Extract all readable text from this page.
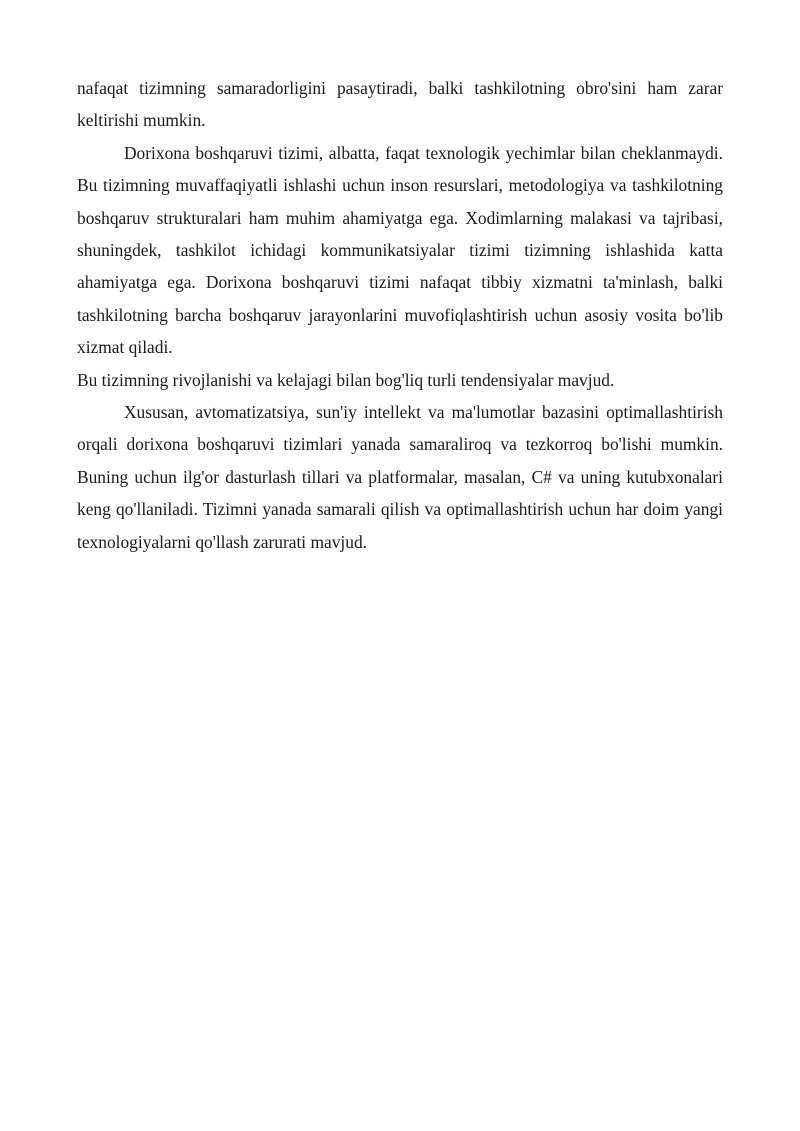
nafaqat tizimning samaradorligini pasaytiradi, balki tashkilotning obro'sini ham zarar keltirishi mumkin.

Dorixona boshqaruvi tizimi, albatta, faqat texnologik yechimlar bilan cheklanmaydi. Bu tizimning muvaffaqiyatli ishlashi uchun inson resurslari, metodologiya va tashkilotning boshqaruv strukturalari ham muhim ahamiyatga ega. Xodimlarning malakasi va tajribasi, shuningdek, tashkilot ichidagi kommunikatsiyalar tizimi tizimning ishlashida katta ahamiyatga ega. Dorixona boshqaruvi tizimi nafaqat tibbiy xizmatni ta'minlash, balki tashkilotning barcha boshqaruv jarayonlarini muvofiqlashtirish uchun asosiy vosita bo'lib xizmat qiladi.

Bu tizimning rivojlanishi va kelajagi bilan bog'liq turli tendensiyalar mavjud.

Xususan, avtomatizatsiya, sun'iy intellekt va ma'lumotlar bazasini optimallashtirish orqali dorixona boshqaruvi tizimlari yanada samaraliroq va tezkorroq bo'lishi mumkin. Buning uchun ilg'or dasturlash tillari va platformalar, masalan, C# va uning kutubxonalari keng qo'llaniladi. Tizimni yanada samarali qilish va optimallashtirish uchun har doim yangi texnologiyalarni qo'llash zarurati mavjud.
